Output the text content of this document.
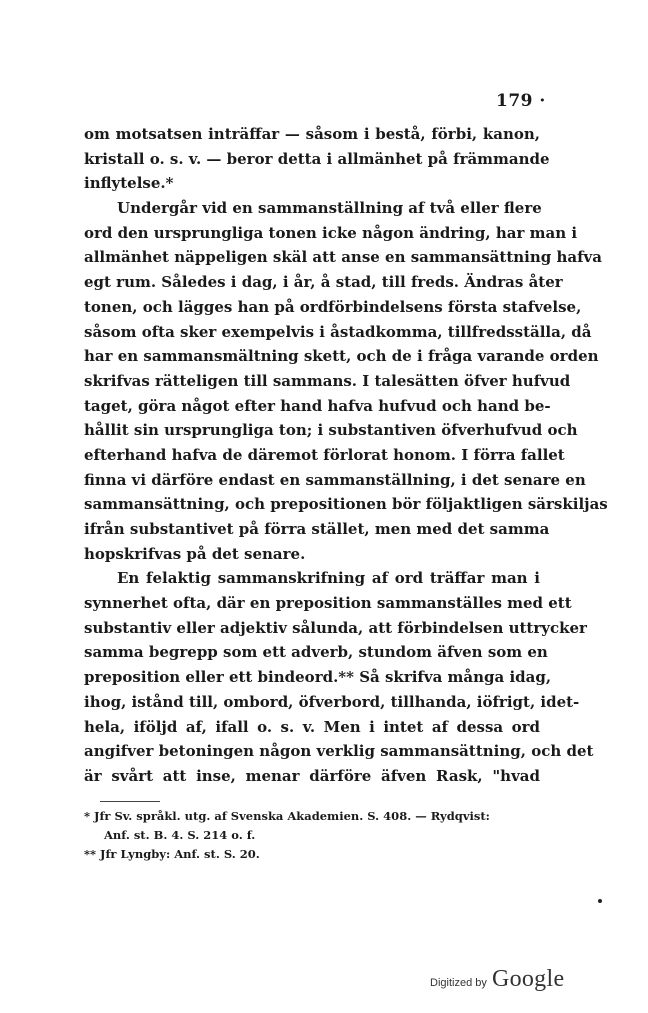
179 ·
om motsatsen inträffar — såsom i bestå, förbi, kanon,
kristall o. s. v. — beror detta i allmänhet på främmande
inflytelse.*
Undergår vid en sammanställning af två eller flere
ord den ursprungliga tonen icke någon ändring, har man i
allmänhet näppeligen skäl att anse en sammansättning hafva
egt rum. Således i dag, i år, å stad, till freds. Ändras åter
tonen, och lägges han på ordförbindelsens första stafvelse,
såsom ofta sker exempelvis i åstadkomma, tillfredsställa, då
har en sammansmältning skett, och de i fråga varande orden
skrifvas rätteligen till sammans. I talesätten öfver hufvud
taget, göra något efter hand hafva hufvud och hand be-
hållit sin ursprungliga ton; i substantiven öfverhufvud och
efterhand hafva de däremot förlorat honom. I förra fallet
finna vi därföre endast en sammanställning, i det senare en
sammansättning, och prepositionen bör följaktligen särskiljas
ifrån substantivet på förra stället, men med det samma
hopskrifvas på det senare.
En felaktig sammanskrifning af ord träffar man i
synnerhet ofta, där en preposition sammanställes med ett
substantiv eller adjektiv sålunda, att förbindelsen uttrycker
samma begrepp som ett adverb, stundom äfven som en
preposition eller ett bindeord.** Så skrifva många idag,
ihog, istånd till, ombord, öfverbord, tillhanda, iöfrigt, idet-
hela, iföljd af, ifall o. s. v. Men i intet af dessa ord
angifver betoningen någon verklig sammansättning, och det
är svårt att inse, menar därföre äfven Rask, "hvad
* Jfr Sv. språkl. utg. af Svenska Akademien. S. 408. — Rydqvist:
Anf. st. B. 4. S. 214 o. f.
** Jfr Lyngby: Anf. st. S. 20.
Digitized by Google
